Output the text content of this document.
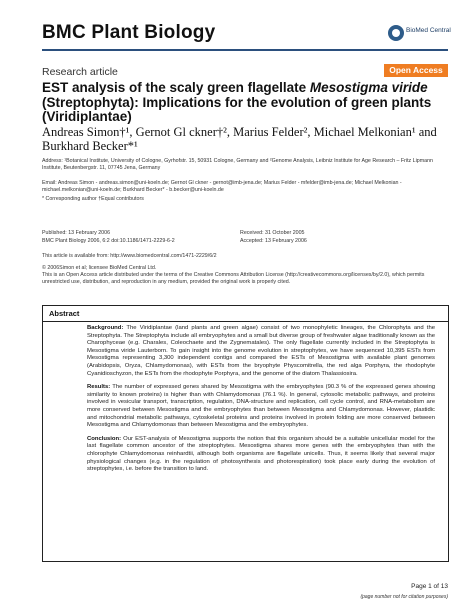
BMC Plant Biology	BioMed Central
Research article	Open Access
EST analysis of the scaly green flagellate Mesostigma viride (Streptophyta): Implications for the evolution of green plants (Viridiplantae)
Andreas Simon†¹, Gernot Gl ckner†², Marius Felder², Michael Melkonian¹ and Burkhard Becker*¹
Address: ¹Botanical Institute, University of Cologne, Gyrhofstr. 15, 50931 Cologne, Germany and ²Genome Analysis, Leibniz Institute for Age Research – Fritz Lipmann Institute, Beutenbergstr. 11, 07745 Jena, Germany
Email: Andreas Simon - andreas.simon@uni-koeln.de; Gernot Gl ckner - gernot@imb-jena.de; Marius Felder - mfelder@imb-jena.de; Michael Melkonian - michael.melkonian@uni-koeln.de; Burkhard Becker* - b.becker@uni-koeln.de
* Corresponding author †Equal contributors
Published: 13 February 2006
BMC Plant Biology 2006, 6:2 doi:10.1186/1471-2229-6-2
Received: 31 October 2005
Accepted: 13 February 2006
This article is available from: http://www.biomedcentral.com/1471-2229/6/2
© 2006Simon et al; licensee BioMed Central Ltd.
This is an Open Access article distributed under the terms of the Creative Commons Attribution License (http://creativecommons.org/licenses/by/2.0), which permits unrestricted use, distribution, and reproduction in any medium, provided the original work is properly cited.
Abstract

Background: The Viridiplantae (land plants and green algae) consist of two monophyletic lineages, the Chlorophyta and the Streptophyta. The Streptophyta include all embryophytes and a small but diverse group of freshwater algae traditionally known as the Charophyceae (e.g. Charales, Coleochaete and the Zygnematales). The only flagellate currently included in the Streptophyta is Mesostigma viride Lauterborn. To gain insight into the genome evolution in streptophytes, we have sequenced 10,395 ESTs from Mesostigma representing 3,300 independent contigs and compared the ESTs of Mesostigma with available plant genomes (Arabidopsis, Oryza, Chlamydomonas), with ESTs from the bryophyte Physcomitrella, the red alga Porphyra, the rhodophyte Cyanidioschyzon, the ESTs from the rhodophyte Porphyra, and the genome of the diatom Thalassiosira.

Results: The number of expressed genes shared by Mesostigma with the embryophytes (90.3 % of the expressed genes showing similarity to known proteins) is higher than with Chlamydomonas (76.1 %). In general, cytosolic metabolic pathways, and proteins involved in vesicular transport, transcription, regulation, DNA-structure and replication, cell cycle control, and RNA-metabolism are more conserved between Mesostigma and the embryophytes than between Mesostigma and Chlamydomonas. However, plastidic and mitochondrial metabolic pathways, cytoskeletal proteins and proteins involved in protein folding are more conserved between Mesostigma and Chlamydomonas than between Mesostigma and the embryophytes.

Conclusion: Our EST-analysis of Mesostigma supports the notion that this organism should be a suitable unicellular model for the last flagellate common ancestor of the streptophytes. Mesostigma shares more genes with the embryophytes than with the chlorophyte Chlamydomonas reinhardtii, although both organisms are flagellate unicells. Thus, it seems likely that several major physiological changes (e.g. in the regulation of photosynthesis and photorespiration) took place early during the evolution of streptophytes, i.e. before the transition to land.

Page 1 of 13
(page number not for citation purposes)
